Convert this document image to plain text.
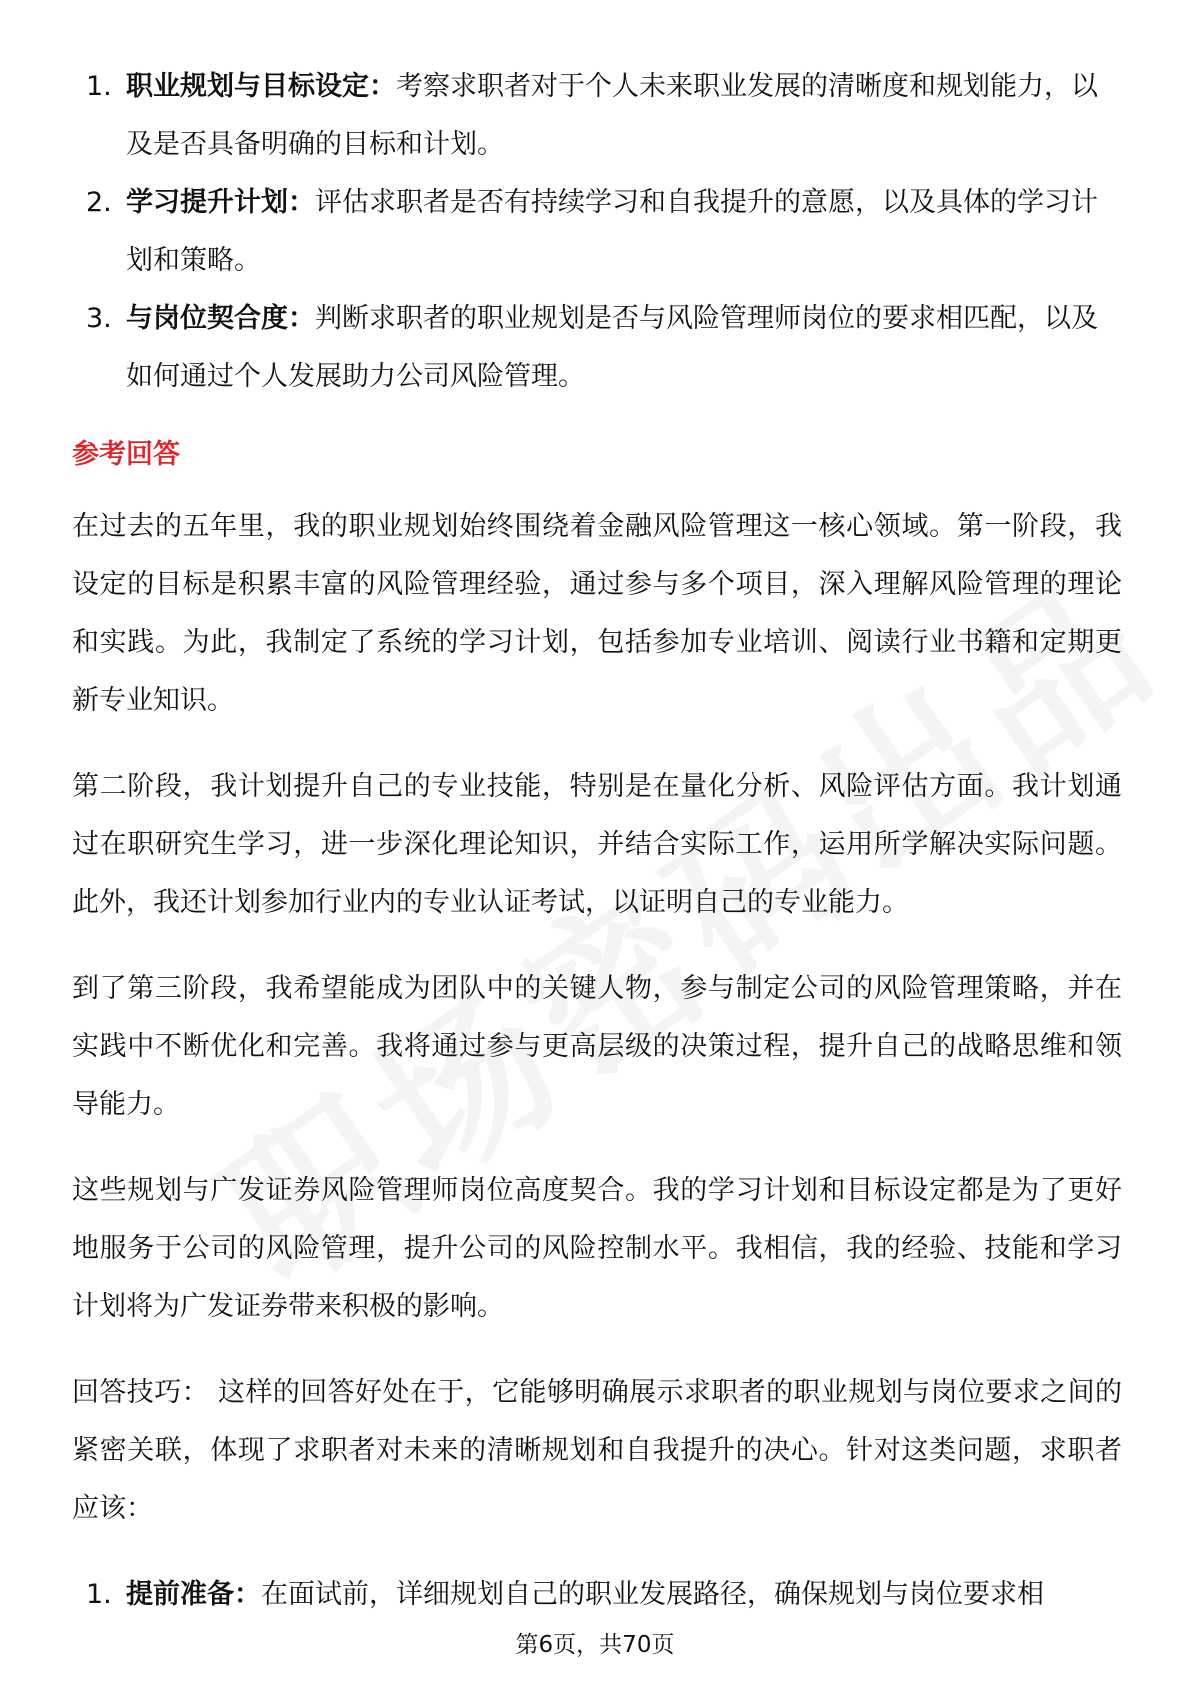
1. 职业规划与目标设定：考察求职者对于个人未来职业发展的清晰度和规划能力，以及是否具备明确的目标和计划。
2. 学习提升计划：评估求职者是否有持续学习和自我提升的意愿，以及具体的学习计划和策略。
3. 与岗位契合度：判断求职者的职业规划是否与风险管理师岗位的要求相匹配，以及如何通过个人发展助力公司风险管理。
参考回答

在过去的五年里，我的职业规划始终围绕着金融风险管理这一核心领域。第一阶段，我设定的目标是积累丰富的风险管理经验，通过参与多个项目，深入理解风险管理的理论和实践。为此，我制定了系统的学习计划，包括参加专业培训、阅读行业书籍和定期更新专业知识。

第二阶段，我计划提升自己的专业技能，特别是在量化分析、风险评估方面。我计划通过在职研究生学习，进一步深化理论知识，并结合实际工作，运用所学解决实际问题。此外，我还计划参加行业内的专业认证考试，以证明自己的专业能力。

到了第三阶段，我希望能成为团队中的关键人物，参与制定公司的风险管理策略，并在实践中不断优化和完善。我将通过参与更高层级的决策过程，提升自己的战略思维和领导能力。

这些规划与广发证券风险管理师岗位高度契合。我的学习计划和目标设定都是为了更好地服务于公司的风险管理，提升公司的风险控制水平。我相信，我的经验、技能和学习计划将为广发证券带来积极的影响。

回答技巧： 这样的回答好处在于，它能够明确展示求职者的职业规划与岗位要求之间的紧密关联，体现了求职者对未来的清晰规划和自我提升的决心。针对这类问题，求职者应该：

1. 提前准备：在面试前，详细规划自己的职业发展路径，确保规划与岗位要求相
第6页，共70页
